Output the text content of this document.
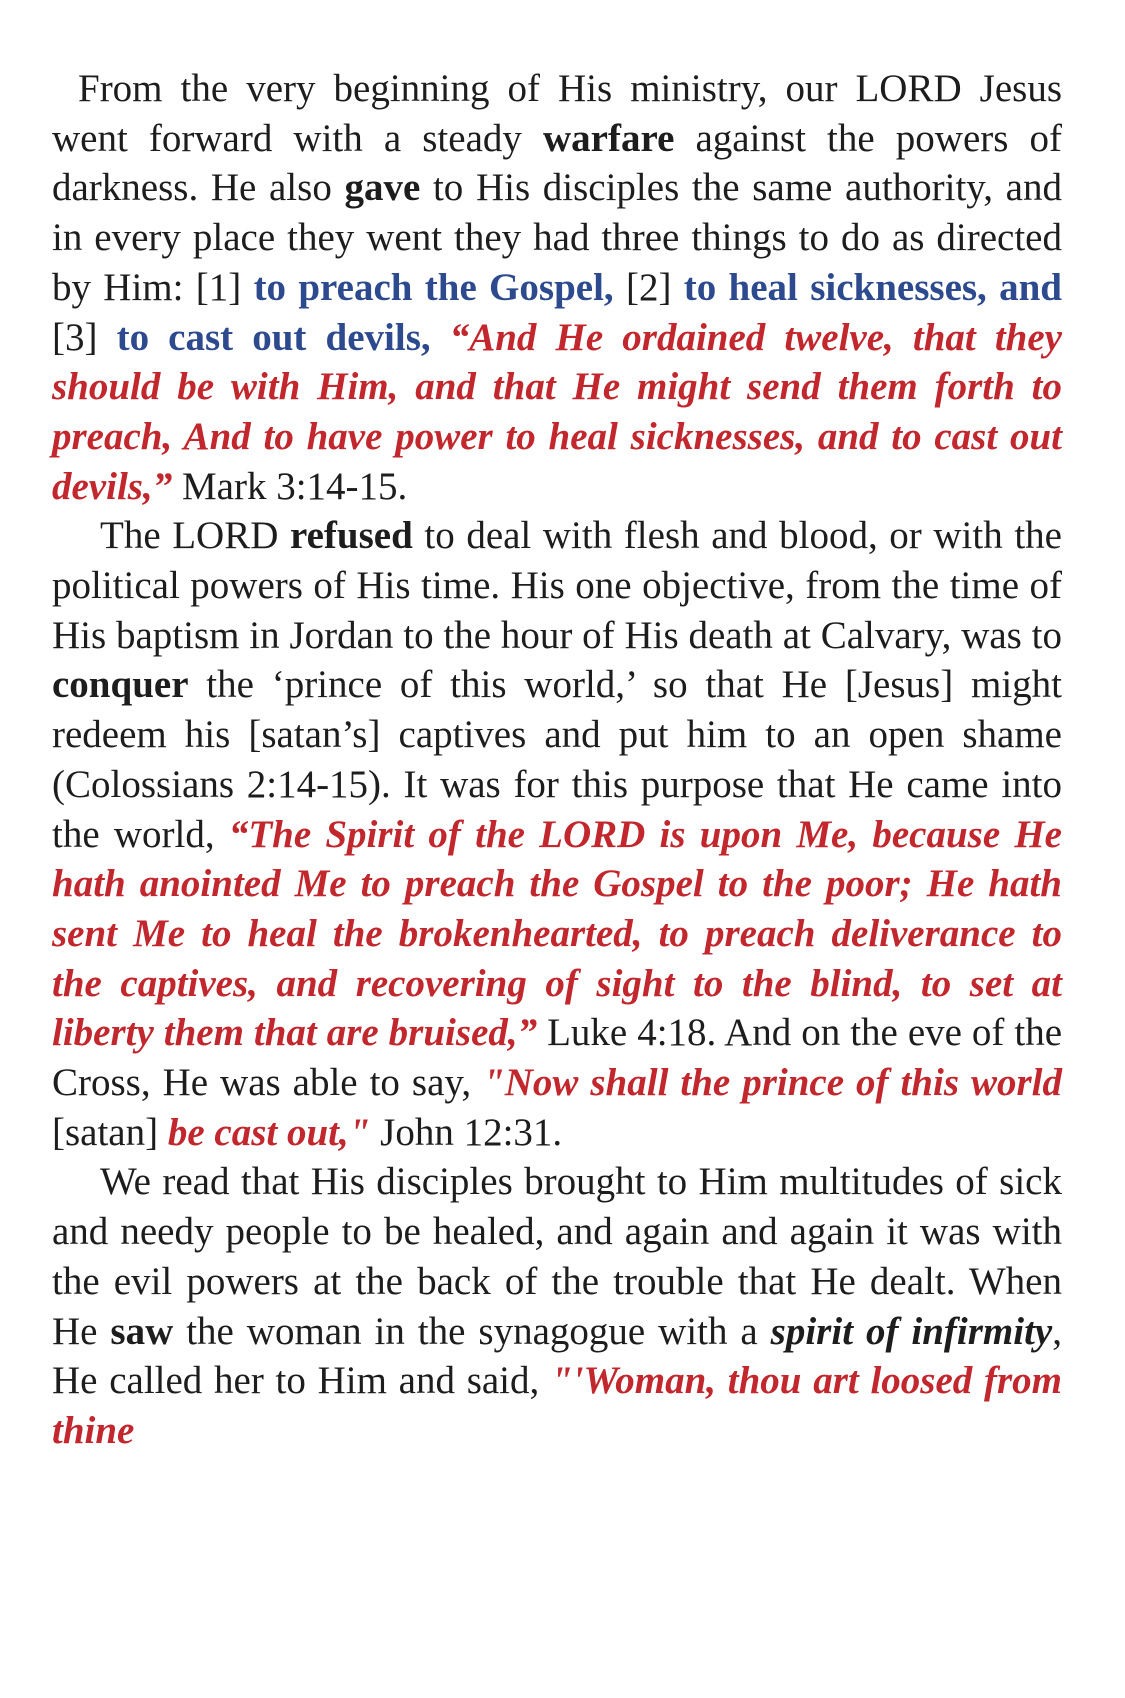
From the very beginning of His ministry, our LORD Jesus went forward with a steady warfare against the powers of darkness. He also gave to His disciples the same authority, and in every place they went they had three things to do as directed by Him: [1] to preach the Gospel, [2] to heal sicknesses, and [3] to cast out devils, “And He ordained twelve, that they should be with Him, and that He might send them forth to preach, And to have power to heal sicknesses, and to cast out devils,” Mark 3:14-15.

The LORD refused to deal with flesh and blood, or with the political powers of His time. His one objective, from the time of His baptism in Jordan to the hour of His death at Calvary, was to conquer the ‘prince of this world,’ so that He [Jesus] might redeem his [satan’s] captives and put him to an open shame (Colossians 2:14-15). It was for this purpose that He came into the world, “The Spirit of the LORD is upon Me, because He hath anointed Me to preach the Gospel to the poor; He hath sent Me to heal the brokenhearted, to preach deliverance to the captives, and recovering of sight to the blind, to set at liberty them that are bruised,” Luke 4:18. And on the eve of the Cross, He was able to say, "Now shall the prince of this world [satan] be cast out," John 12:31.

We read that His disciples brought to Him multitudes of sick and needy people to be healed, and again and again it was with the evil powers at the back of the trouble that He dealt. When He saw the woman in the synagogue with a spirit of infirmity, He called her to Him and said, "'Woman, thou art loosed from thine
